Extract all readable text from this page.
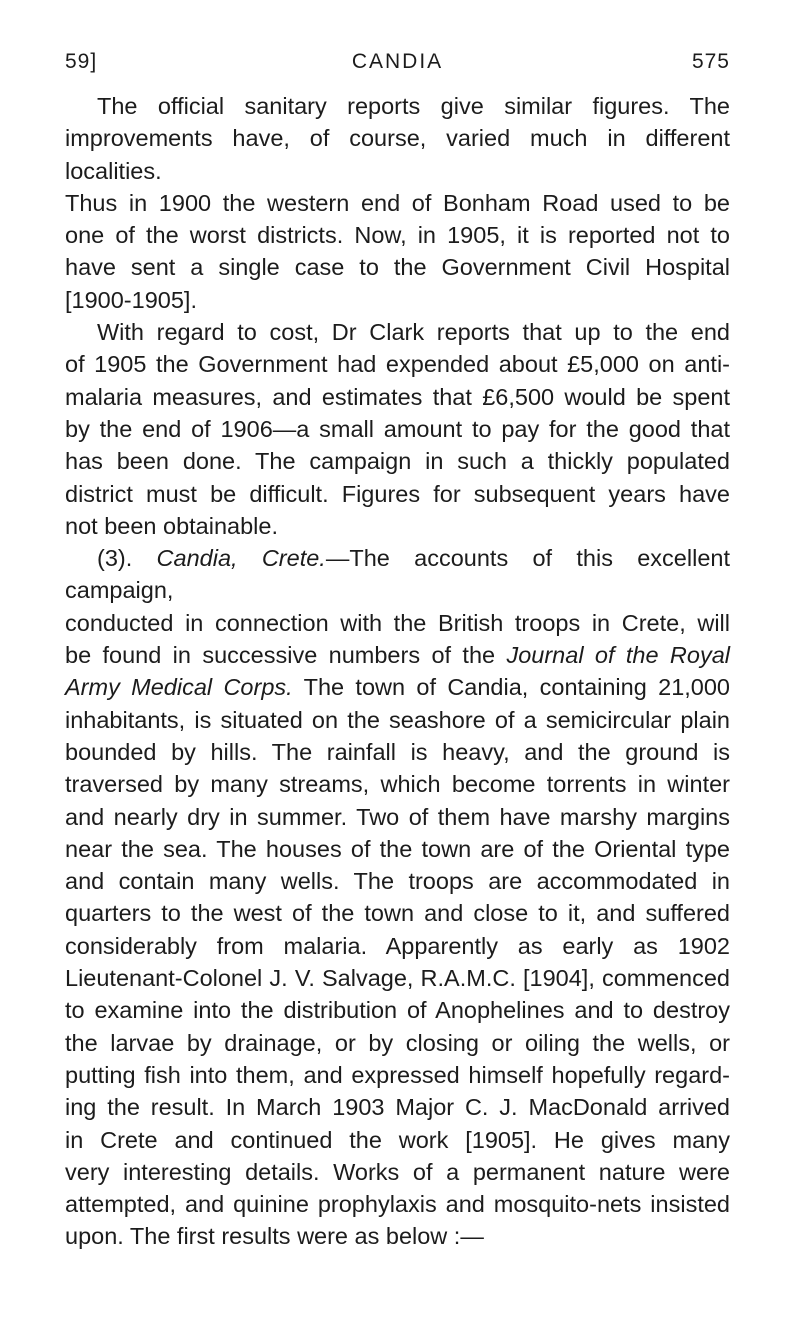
59]	CANDIA	575

The official sanitary reports give similar figures. The

improvements have, of course, varied much in different localities.

Thus in 1900 the western end of Bonham Road used to be

one of the worst districts. Now, in 1905, it is reported not to

have sent a single case to the Government Civil Hospital

[1900-1905].

With regard to cost, Dr Clark reports that up to the end

of 1905 the Government had expended about £5,000 on anti-

malaria measures, and estimates that £6,500 would be spent

by the end of 1906—a small amount to pay for the good that

has been done. The campaign in such a thickly populated

district must be difficult. Figures for subsequent years have

not been obtainable.

(3). Candia, Crete.—The accounts of this excellent campaign,

conducted in connection with the British troops in Crete, will

be found in successive numbers of the Journal of the Royal

Army Medical Corps. The town of Candia, containing 21,000

inhabitants, is situated on the seashore of a semicircular plain

bounded by hills. The rainfall is heavy, and the ground is

traversed by many streams, which become torrents in winter

and nearly dry in summer. Two of them have marshy margins

near the sea. The houses of the town are of the Oriental type

and contain many wells. The troops are accommodated in

quarters to the west of the town and close to it, and suffered

considerably from malaria. Apparently as early as 1902

Lieutenant-Colonel J. V. Salvage, R.A.M.C. [1904], commenced

to examine into the distribution of Anophelines and to destroy

the larvae by drainage, or by closing or oiling the wells, or

putting fish into them, and expressed himself hopefully regard-

ing the result. In March 1903 Major C. J. MacDonald arrived

in Crete and continued the work [1905]. He gives many

very interesting details. Works of a permanent nature were

attempted, and quinine prophylaxis and mosquito-nets insisted

upon. The first results were as below :—
